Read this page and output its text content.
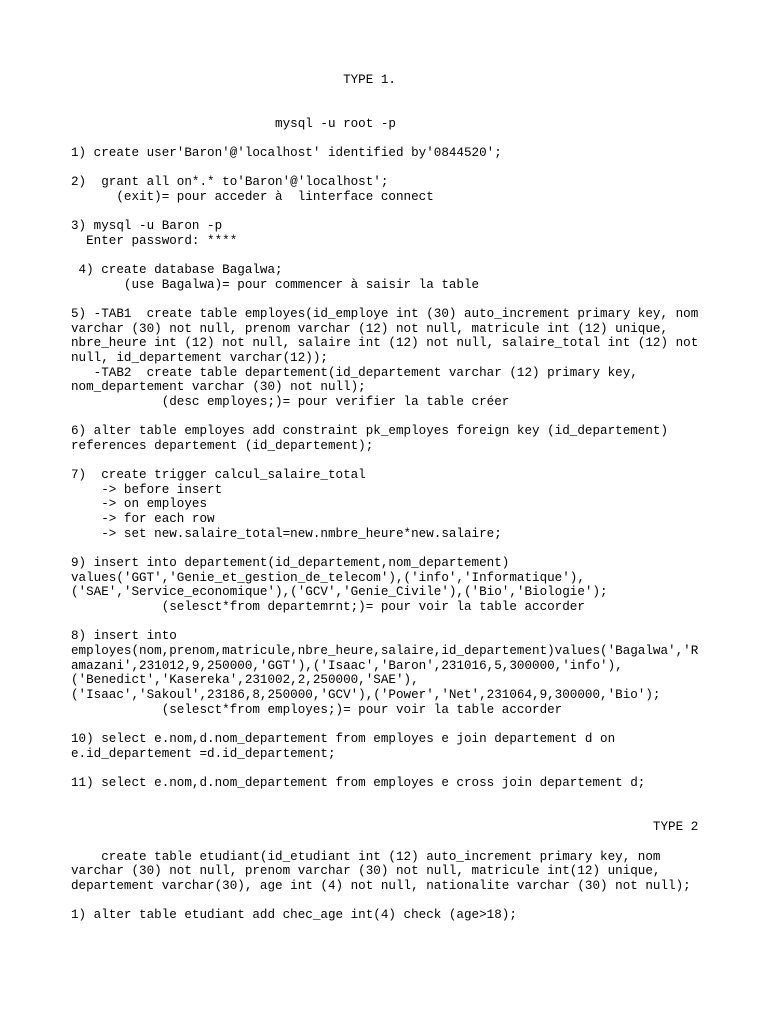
TYPE 1.
mysql -u root -p
1) create user'Baron'@'localhost' identified by'0844520';
2)  grant all on*.* to'Baron'@'localhost';
(exit)= pour acceder à  linterface connect
3) mysql -u Baron -p
Enter password: ****
4) create database Bagalwa;
(use Bagalwa)= pour commencer à saisir la table
5) -TAB1  create table employes(id_employe int (30) auto_increment primary key, nom
varchar (30) not null, prenom varchar (12) not null, matricule int (12) unique,
nbre_heure int (12) not null, salaire int (12) not null, salaire_total int (12) not
null, id_departement varchar(12));
-TAB2  create table departement(id_departement varchar (12) primary key,
nom_departement varchar (30) not null);
(desc employes;)= pour verifier la table créer
6) alter table employes add constraint pk_employes foreign key (id_departement)
references departement (id_departement);
7)  create trigger calcul_salaire_total
-> before insert
-> on employes
-> for each row
-> set new.salaire_total=new.nmbre_heure*new.salaire;
9) insert into departement(id_departement,nom_departement)
values('GGT','Genie_et_gestion_de_telecom'),('info','Informatique'),
('SAE','Service_economique'),('GCV','Genie_Civile'),('Bio','Biologie');
(selesct*from departemrnt;)= pour voir la table accorder
8) insert into
employes(nom,prenom,matricule,nbre_heure,salaire,id_departement)values('Bagalwa','R
amazani',231012,9,250000,'GGT'),('Isaac','Baron',231016,5,300000,'info'),
('Benedict','Kasereka',231002,2,250000,'SAE'),
('Isaac','Sakoul',23186,8,250000,'GCV'),('Power','Net',231064,9,300000,'Bio');
(selesct*from employes;)= pour voir la table accorder
10) select e.nom,d.nom_departement from employes e join departement d on
e.id_departement =d.id_departement;
11) select e.nom,d.nom_departement from employes e cross join departement d;
TYPE 2
create table etudiant(id_etudiant int (12) auto_increment primary key, nom
varchar (30) not null, prenom varchar (30) not null, matricule int(12) unique,
departement varchar(30), age int (4) not null, nationalite varchar (30) not null);
1) alter table etudiant add chec_age int(4) check (age>18);
